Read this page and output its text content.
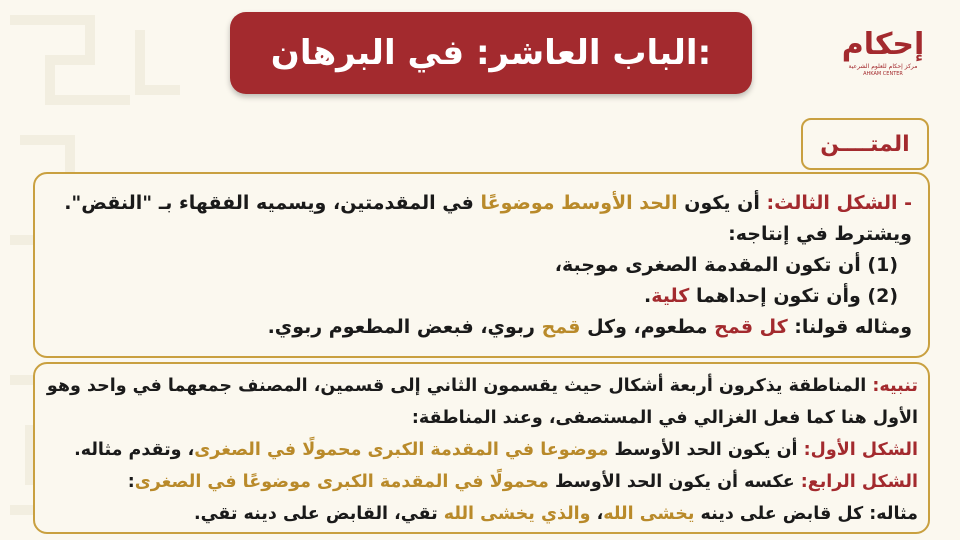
الباب العاشر: في البرهان:	إحكام
مركز إحكام للعلوم الشرعية
AHKAM CENTER
المتــــن
- الشكل الثالث: أن يكون الحد الأوسط موضوعًا في المقدمتين، ويسميه الفقهاء بـ "النقض".
ويشترط في إنتاجه:
(1) أن تكون المقدمة الصغرى موجبة،
(2) وأن تكون إحداهما كلية.
ومثاله قولنا: كل قمح مطعوم، وكل قمح ربوي، فبعض المطعوم ربوي.
تنبيه: المناطقة يذكرون أربعة أشكال حيث يقسمون الثاني إلى قسمين، المصنف جمعهما في واحد وهو
الأول هنا كما فعل الغزالي في المستصفى، وعند المناطقة:
الشكل الأول: أن يكون الحد الأوسط موضوعا في المقدمة الكبرى محمولًا في الصغرى، وتقدم مثاله.
الشكل الرابع: عكسه أن يكون الحد الأوسط محمولًا في المقدمة الكبرى موضوعًا في الصغرى:
مثاله: كل قابض على دينه يخشى الله، والذي يخشى الله تقي، القابض على دينه تقي.
